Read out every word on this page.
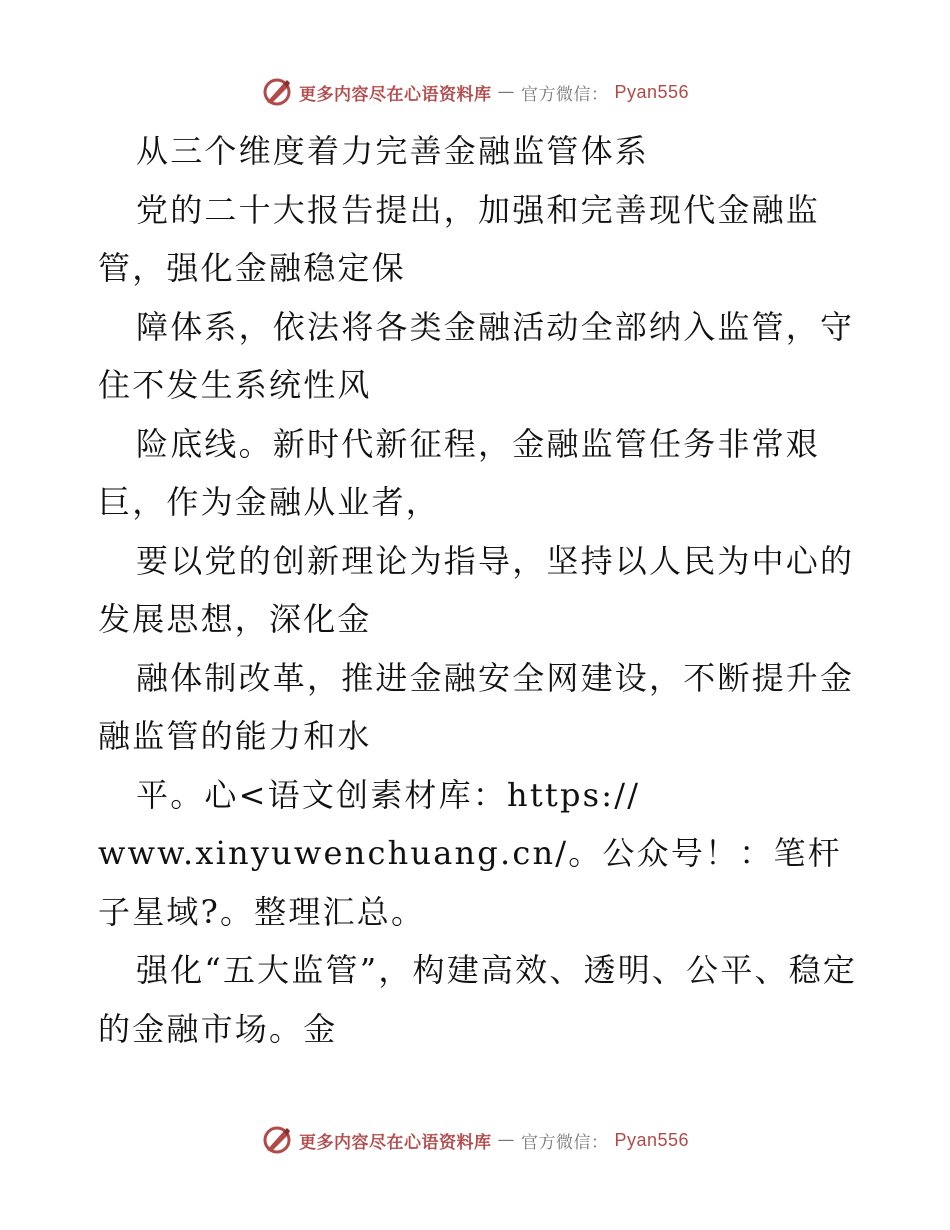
更多内容尽在心语资料库 — 官方微信： Pyan556

从三个维度着力完善金融监管体系

党的二十大报告提出，加强和完善现代金融监管，强化金融稳定保

障体系，依法将各类金融活动全部纳入监管，守住不发生系统性风

险底线。新时代新征程，金融监管任务非常艰巨，作为金融从业者，

要以党的创新理论为指导，坚持以人民为中心的发展思想，深化金

融体制改革，推进金融安全网建设，不断提升金融监管的能力和水

平。心<语文创素材库：https://

www.xinyuwenchuang.cn/。公众号！：笔杆子星域?。整理汇总。

强化“五大监管”，构建高效、透明、公平、稳定的金融市场。金

更多内容尽在心语资料库 — 官方微信： Pyan556
